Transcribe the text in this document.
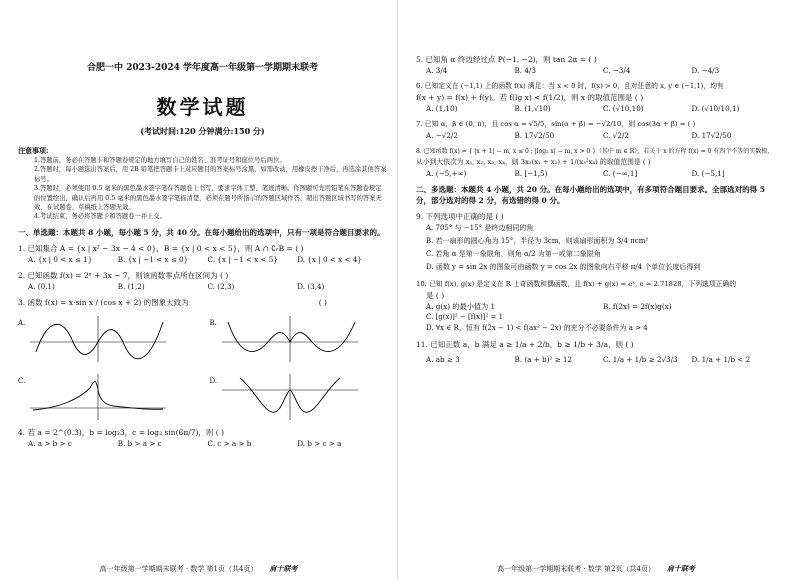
合肥一中 2023-2024 学年度高一年级第一学期期末联考
数学试题
(考试时间:120 分钟满分:150 分)
注意事项:
1.答题前，务必在答题卡和答题卷规定的地方填写自己的姓名、准考证号和座位号后两位。
2.答题时，每小题选出答案后，用 2B 铅笔把答题卡上对应题目的答案标号涂黑，如需改动，用橡皮擦干净后，再选涂其他答案标号。
3.答题时，必须使用 0.5 毫米的黑色墨水签字笔在答题卷上书写，要求字体工整、笔迹清晰。作图题可先用铅笔在答题卷规定的位置绘出，确认后再用 0.5 毫米的黑色墨水签字笔描清楚，必须在题号所指示的答题区域作答，超出答题区域书写的答案无效，在试题卷、草稿纸上答题无效。
4.考试结束，务必将答题卡和答题卷一并上交。
一、单选题：本题共 8 小题，每小题 5 分，共 40 分。在每小题给出的选项中，只有一项是符合题目要求的。
1. 已知集合 A = {x | x² − 3x − 4 < 0}，B = {x | 0 < x < 5}，则 A ∩ ∁ᵣB = ( )
A. {x | 0 < x ≤ 1}	B. {x | −1 < x ≤ 0}	C. {x | −1 < x < 5}	D. {x | 0 < x < 4}
2. 已知函数 f(x) = 2ˣ + 3x − 7，则该函数零点所在区间为 ( )
A. (0,1)	B. (1,2)	C. (2,3)	D. (3,4)
3. 函数 f(x) = x·sin x / (cos x + 2) 的图象大致为	( )
A.	B.
C.	D.
4. 若 a = 2^(0.3)，b = log₂3，c = log₂ sin(6π/7)，则 ( )
A. a > b > c	B. b > a > c	C. c > a > b	D. b > c > a
高一年级第一学期期末联考 · 数学 第1页（共4页） 肩十联考
5. 已知角 α 终边经过点 P(−1, −2)，则 tan 2α = ( )
A. 3/4	B. 4/3	C. −3/4	D. −4/3
6. 已知定义在 (−1,1) 上的函数 f(x) 满足：当 x < 0 时，f(x) > 0，且对任意的 x, y ∈ (−1,1)，均有
f(x + y) = f(x) + f(y)。若 f(lg x) < f(1/2)，则 x 的取值范围是 ( )
A. (1,10)	B. (1,√10)	C. (√10,10)	D. (√10/10,1)
7. 已知 α，β ∈ (0, π)，且 cos α = √5/5，sin(α + β) = −√2/10，则 cos(3α + β) = ( )
A. −√2/2	B. 17√2/50	C. √2/2	D. 17√2/50
8. 已知函数 f(x) = { |x + 1| − m, x ≤ 0 ; |log₂ x| − m, x > 0 }（其中 m ∈ R），若关于 x 的方程 f(x) = 0 有四个不等的实数根，
从小到大依次为 x₁, x₂, x₃, x₄，则 3x₃(x₁ + x₂) + 1/(x₃²x₄) 的取值范围是 ( )
A. (−5,+∞)	B. [−1,5)	C. (−∞,1]	D. (−5,1]
二、多选题：本题共 4 小题，共 20 分。在每小题给出的选项中，有多项符合题目要求。全部选对的得 5 分，部分选对的得 2 分，有选错的得 0 分。
9. 下列选项中正确的是 ( )
A. 705° 与 −15° 是终边相同的角
B. 若一扇形的圆心角为 15°，半径为 3cm，则该扇形面积为 3/4 πcm²
C. 若角 α 是第一象限角，则角 α/2 为第一或第二象限角
D. 函数 y = sin 2x 的图象可由函数 y = cos 2x 的图象向右平移 π/4 个单位长度后得到
10. 已知 f(x), g(x) 是定义在 R 上奇函数和偶函数，且 f(x) + g(x) = eˣ, e ≈ 2.71828，下列选项正确的
是 ( )
A. g(x) 的最小值为 1	B. f(2x) = 2f(x)g(x)
C. [g(x)]² − [f(x)]² = 1
D. ∀x ∈ R，恒有 f(2x − 1) < f(ax² − 2x) 的充分不必要条件为 a > 4
11. 已知正数 a，b 满足 a ≥ 1/a + 2/b，b ≥ 1/b + 3/a，则 ( )
A. ab ≥ 3	B. (a + b)² ≥ 12	C. 1/a + 1/b ≥ 2√3/3	D. 1/a + 1/b < 2
高一年级第一学期期末联考 · 数学 第2页（共4页） 肩十联考
